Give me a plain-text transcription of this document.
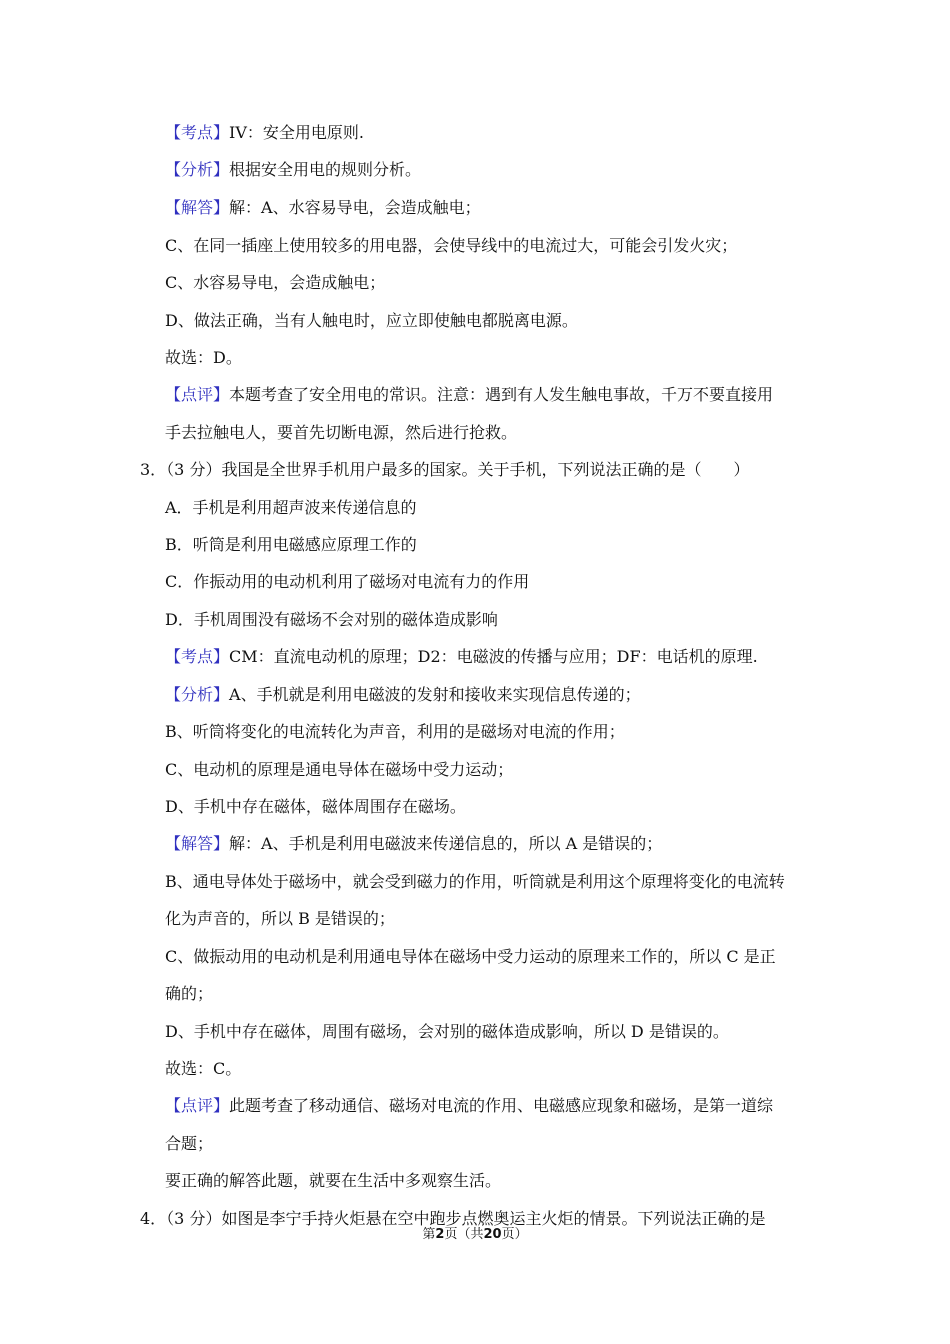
【考点】IV：安全用电原则.
【分析】根据安全用电的规则分析。
【解答】解：A、水容易导电，会造成触电；
C、在同一插座上使用较多的用电器，会使导线中的电流过大，可能会引发火灾；
C、水容易导电，会造成触电；
D、做法正确，当有人触电时，应立即使触电都脱离电源。
故选：D。
【点评】本题考查了安全用电的常识。注意：遇到有人发生触电事故，千万不要直接用
手去拉触电人，要首先切断电源，然后进行抢救。
3．（3 分）我国是全世界手机用户最多的国家。关于手机，下列说法正确的是（　　）
A．手机是利用超声波来传递信息的
B．听筒是利用电磁感应原理工作的
C．作振动用的电动机利用了磁场对电流有力的作用
D．手机周围没有磁场不会对别的磁体造成影响
【考点】CM：直流电动机的原理；D2：电磁波的传播与应用；DF：电话机的原理.
【分析】A、手机就是利用电磁波的发射和接收来实现信息传递的；
B、听筒将变化的电流转化为声音，利用的是磁场对电流的作用；
C、电动机的原理是通电导体在磁场中受力运动；
D、手机中存在磁体，磁体周围存在磁场。
【解答】解：A、手机是利用电磁波来传递信息的，所以 A 是错误的；
B、通电导体处于磁场中，就会受到磁力的作用，听筒就是利用这个原理将变化的电流转
化为声音的，所以 B 是错误的；
C、做振动用的电动机是利用通电导体在磁场中受力运动的原理来工作的，所以 C 是正
确的；
D、手机中存在磁体，周围有磁场，会对别的磁体造成影响，所以 D 是错误的。
故选：C。
【点评】此题考查了移动通信、磁场对电流的作用、电磁感应现象和磁场，是第一道综
合题；
要正确的解答此题，就要在生活中多观察生活。
4．（3 分）如图是李宁手持火炬悬在空中跑步点燃奥运主火炬的情景。下列说法正确的是
第2页（共20页）
